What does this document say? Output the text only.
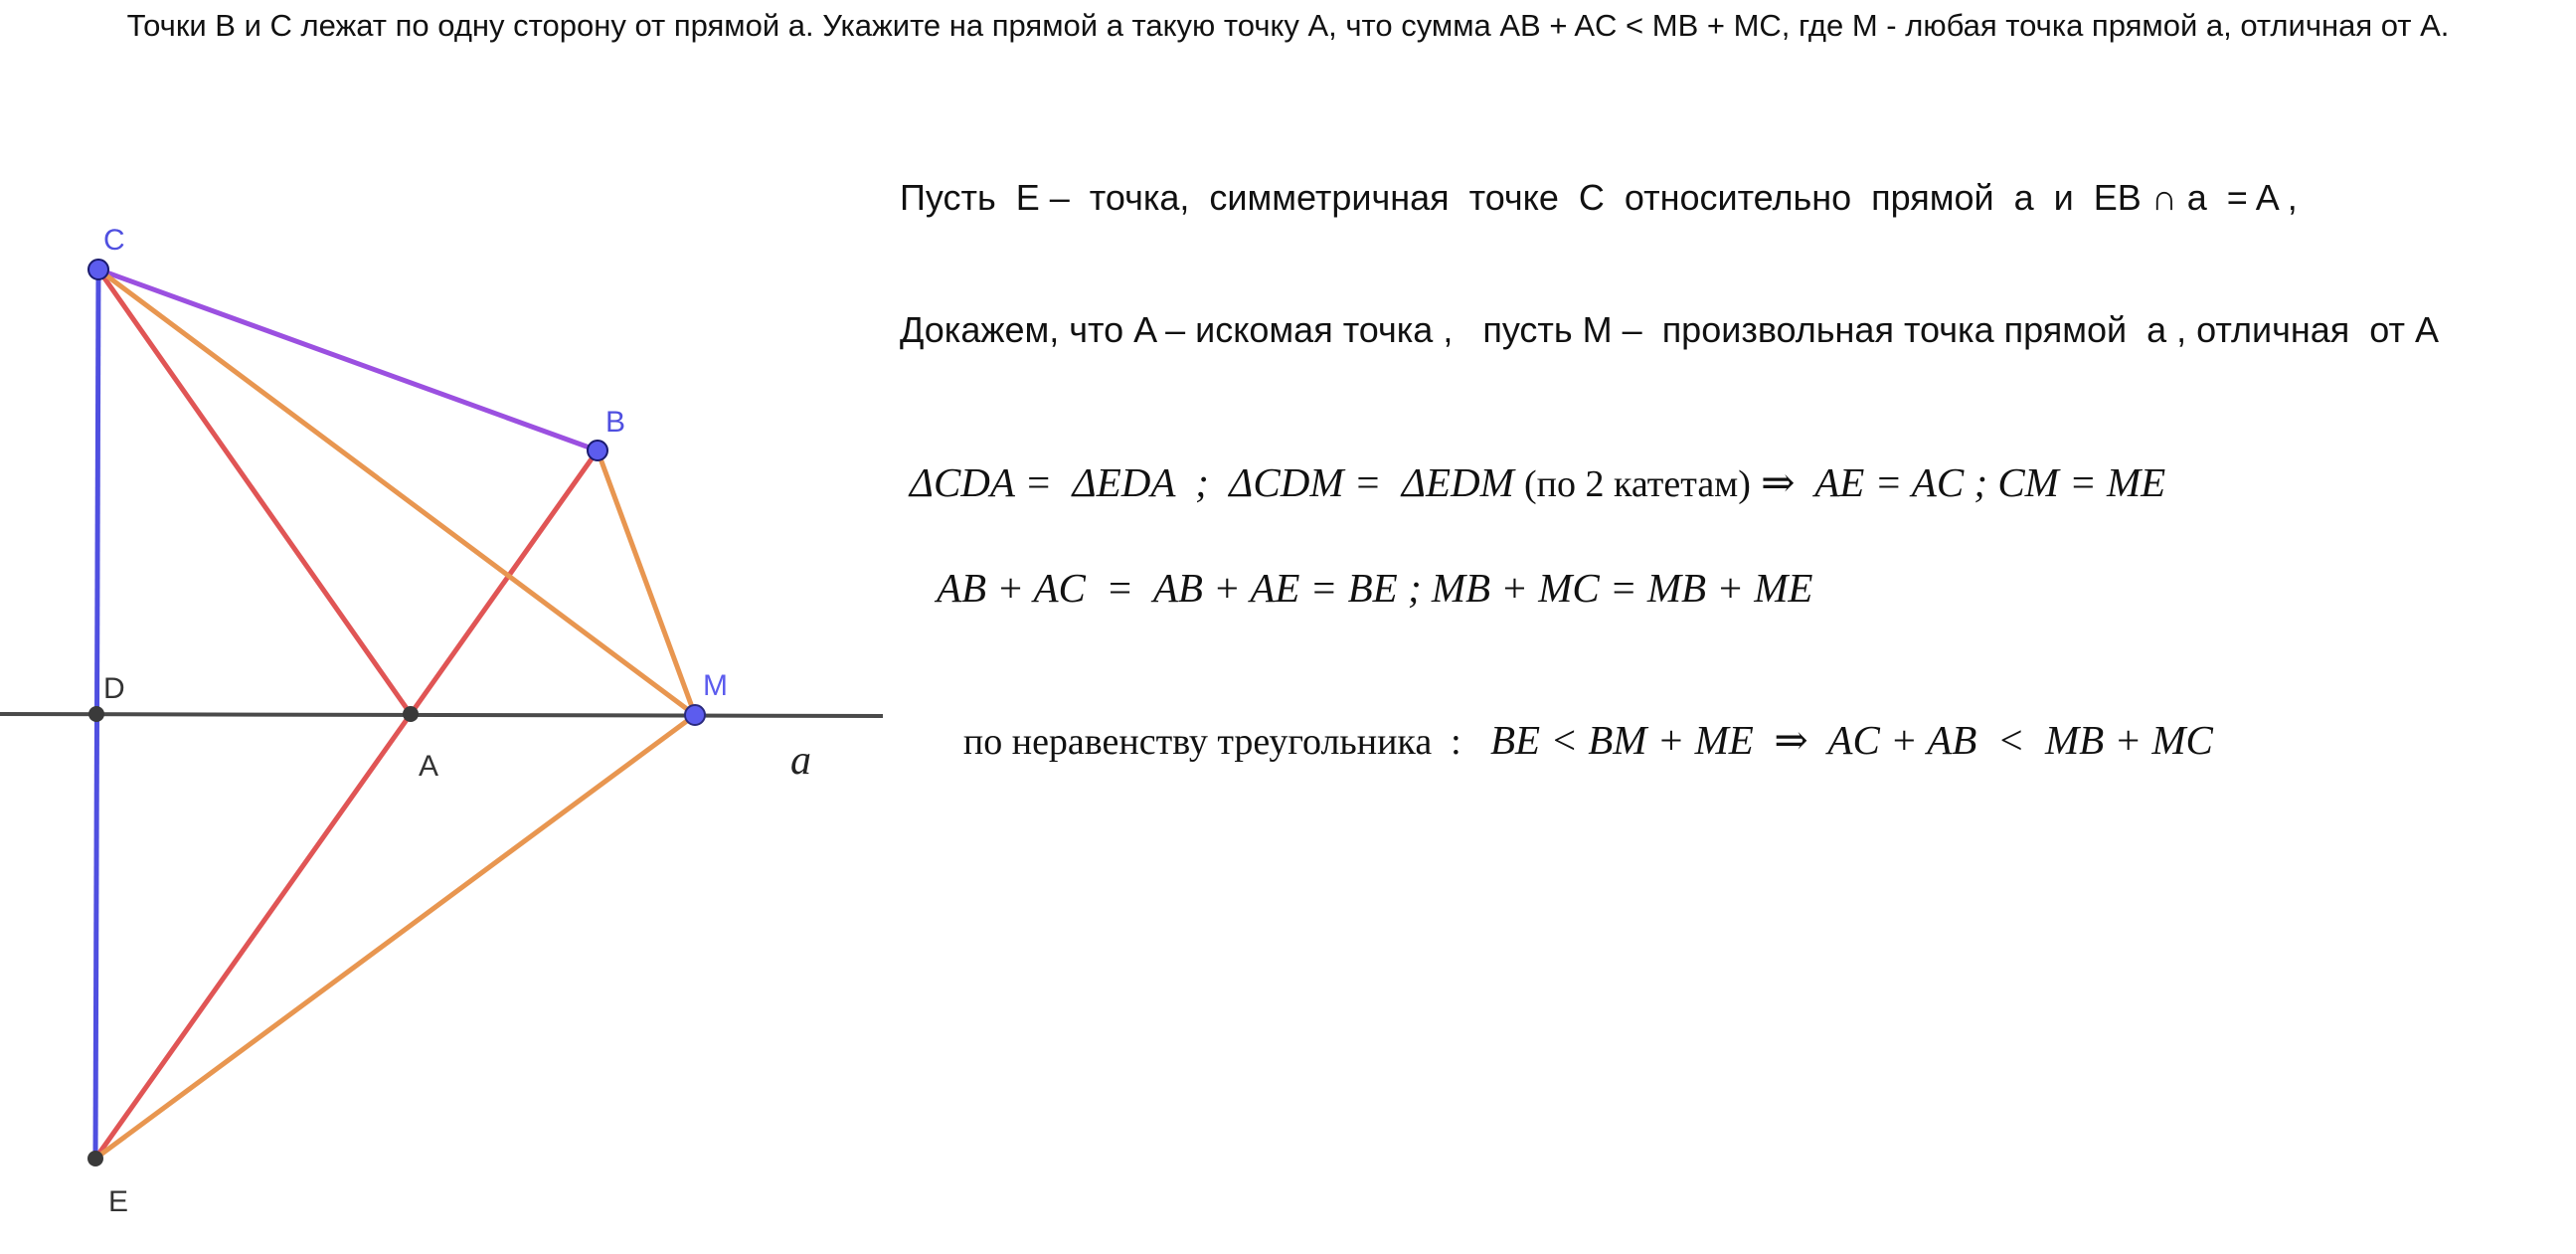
Точки B и C лежат по одну сторону от прямой a. Укажите на прямой a такую точку A, что сумма AB + AC < MB + MC, где M - любая точка прямой a, отличная от A.
C
B
D	M
A
E
a
Пусть  E –  точка,  симметричная  точке  C  относительно  прямой  a  и  EB ∩ a  = A ,
Докажем, что A – искомая точка ,   пусть M –  произвольная точка прямой  a , отличная  от A

ΔCDA =  ΔEDA  ;  ΔCDM =  ΔEDM (по 2 катетам) ⇒  AE = AC ; CM = ME

AB + AC  =  AB + AE = BE ; MB + MC = MB + ME

по неравенству треугольника  :   BE < BM + ME  ⇒  AC + AB  <  MB + MC
